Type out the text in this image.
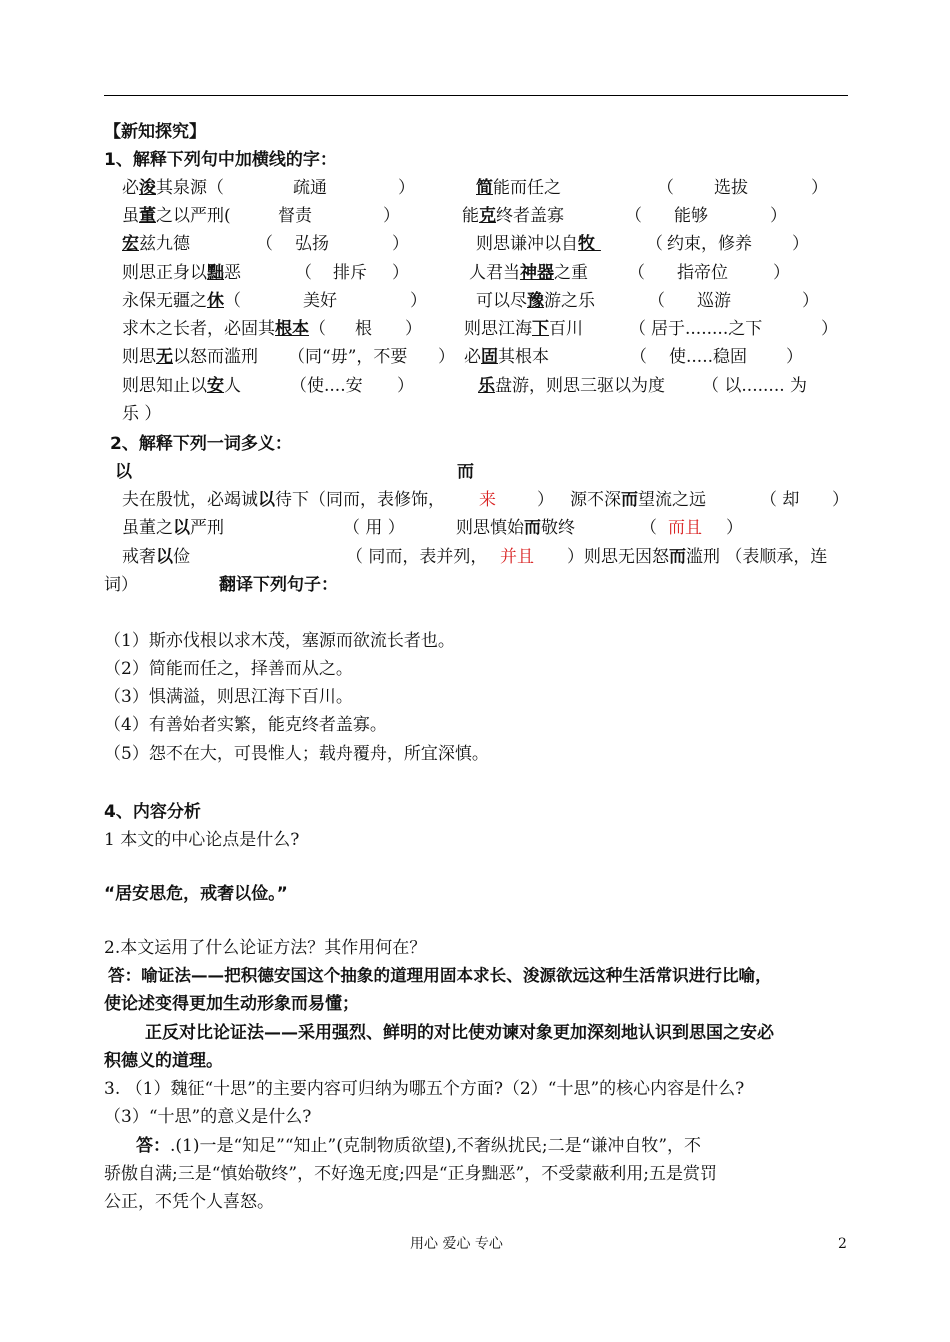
【新知探究】
1、解释下列句中加横线的字：
必浚其泉源（	疏通	）	简能而任之	（ 选拔	）
虽董之以严刑(	督责	）	能克终者盖寡	（ 能够	）
宏兹九德	（ 弘扬	）	则思谦冲以自牧	（ 约束，修养 ）
则思正身以黜恶	（ 排斥 ）	人君当神器之重 （ 指帝位	）
永保无疆之休（	美好	）	可以尽豫游之乐	（ 巡游	）
求木之长者，必固其根本（ 根 ） 则思江海下百川	（ 居于........之下	）
则思无以怒而滥刑 （同“毋”，不要 ） 必固其根本	（ 使.....稳固 ）
则思知止以安人	（使....安 ）	乐盘游，则思三驱以为度 （ 以........ 为
乐 ）
2、解释下列一词多义：
以	而
夫在殷忧，必竭诚以待下（同而，表修饰， 来 ） 源不深而望流之远	（ 却 ）
虽董之以严刑	（ 用 ）	则思慎始而敬终	（ 而且 ）
戒奢以俭	（ 同而，表并列， 并且 ）则思无因怒而滥刑 （表顺承，连
词）	翻译下列句子：
（1）斯亦伐根以求木茂，塞源而欲流长者也。
（2）简能而任之，择善而从之。
（3）惧满溢，则思江海下百川。
（4）有善始者实繁，能克终者盖寡。
（5）怨不在大，可畏惟人；载舟覆舟，所宜深慎。
4、内容分析
1 本文的中心论点是什么?
“居安思危，戒奢以俭。”
2.本文运用了什么论证方法？其作用何在？
答：喻证法——把积德安国这个抽象的道理用固本求长、浚源欲远这种生活常识进行比喻，
使论述变得更加生动形象而易懂；
正反对比论证法——采用强烈、鲜明的对比使劝谏对象更加深刻地认识到思国之安必
积德义的道理。
3. （1）魏征“十思”的主要内容可归纳为哪五个方面?（2）“十思”的核心内容是什么?
（3）“十思”的意义是什么?
答：.(1)一是“知足”“知止”(克制物质欲望),不奢纵扰民;二是“谦冲自牧”，不
骄傲自满;三是“慎始敬终”，不好逸无度;四是“正身黜恶”，不受蒙蔽利用;五是赏罚
公正，不凭个人喜怒。
用心 爱心 专心	2
